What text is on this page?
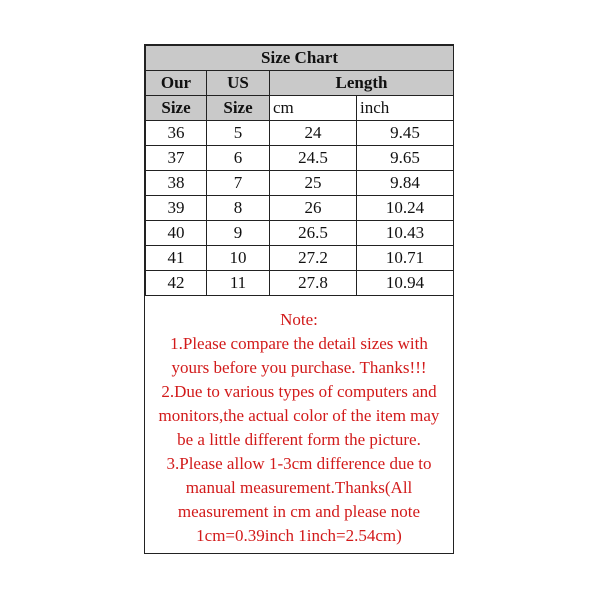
Size Chart			
Our	US	Length	
Size	Size	cm	inch
36	5	24	9.45
37	6	24.5	9.65
38	7	25	9.84
39	8	26	10.24
40	9	26.5	10.43
41	10	27.2	10.71
42	11	27.8	10.94
Note:
1.Please compare the detail sizes with
yours before you purchase. Thanks!!!
2.Due to various types of computers and
monitors,the actual color of the item may
be a little different form the picture.
3.Please allow 1-3cm difference due to
manual measurement.Thanks(All
measurement in cm and please note
1cm=0.39inch 1inch=2.54cm)
